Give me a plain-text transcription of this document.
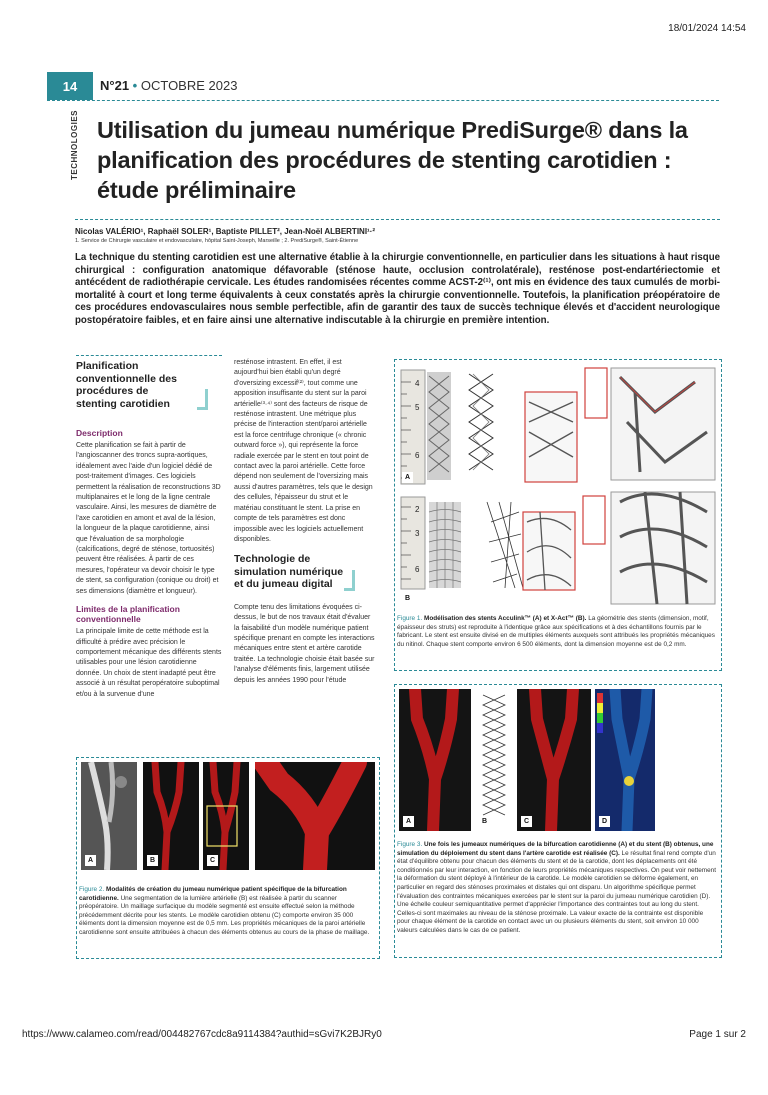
18/01/2024 14:54
https://www.calameo.com/read/004482767cdc8a9114384?authid=sGvi7K2BJRy0	Page 1 sur 2
14	N°21 • OCTOBRE 2023
TECHNOLOGIES Utilisation du jumeau numérique PrediSurge® dans la planification des procédures de stenting carotidien : étude préliminaire
Nicolas VALÉRIO¹, Raphaël SOLER¹, Baptiste PILLET², Jean-Noël ALBERTINI¹·²
1. Service de Chirurgie vasculaire et endovasculaire, hôpital Saint-Joseph, Marseille ; 2. PrediSurge®, Saint-Étienne
La technique du stenting carotidien est une alternative établie à la chirurgie conventionnelle, en particulier dans les situations à haut risque chirurgical : configuration anatomique défavorable (sténose haute, occlusion controlatérale), resténose post-endartériectomie et antécédent de radiothérapie cervicale. Les études randomisées récentes comme ACST-2⁽¹⁾, ont mis en évidence des taux cumulés de morbi-mortalité à court et long terme équivalents à ceux constatés après la chirurgie conventionnelle. Toutefois, la planification préopératoire de ces procédures endovasculaires nous semble perfectible, afin de garantir des taux de succès technique élevés et d'accident neurologique postopératoire faibles, et en faire ainsi une alternative indiscutable à la chirurgie en première intention.
Planification conventionnelle des procédures de stenting carotidien
Description
Cette planification se fait à partir de l'angioscanner des troncs supra-aortiques, idéalement avec l'aide d'un logiciel dédié de post-traitement d'images. Ces logiciels permettent la réalisation de reconstructions 3D multiplanaires et le long de la ligne centrale vasculaire. Ainsi, les mesures de diamètre de l'axe carotidien en amont et aval de la lésion, la longueur de la plaque carotidienne, ainsi que l'évaluation de sa morphologie (calcifications, degré de sténose, tortuosités) peuvent être réalisées. À partir de ces mesures, l'opérateur va devoir choisir le type de stent, sa configuration (conique ou droit) et ses dimensions (diamètre et longueur).
Limites de la planification conventionnelle
La principale limite de cette méthode est la difficulté à prédire avec précision le comportement mécanique des différents stents utilisables pour une lésion carotidienne donnée. Un choix de stent inadapté peut être associé à un résultat peropératoire suboptimal et/ou à la survenue d'une
resténose intrastent. En effet, il est aujourd'hui bien établi qu'un degré d'oversizing excessif⁽²⁾, tout comme une apposition insuffisante du stent sur la paroi artérielle⁽³·⁴⁾ sont des facteurs de risque de resténose intrastent. Une métrique plus précise de l'interaction stent/paroi artérielle est la force centrifuge chronique (« chronic outward force »), qui représente la force radiale exercée par le stent en tout point de contact avec la paroi artérielle. Cette force dépend non seulement de l'oversizing mais aussi d'autres paramètres, tels que le design des cellules, l'épaisseur du strut et le matériau constituant le stent. La prise en compte de tels paramètres est donc impossible avec les logiciels actuellement disponibles.
Technologie de simulation numérique et du jumeau digital
Compte tenu des limitations évoquées ci-dessus, le but de nos travaux était d'évaluer la faisabilité d'un modèle numérique patient spécifique prenant en compte les interactions mécaniques entre stent et artère carotide traitée. La technologie choisie était basée sur l'analyse d'éléments finis, largement utilisée depuis les années 1990 pour l'étude
4
5
6
2
3
6
A
B
Figure 1. Modélisation des stents Acculink™ (A) et X-Act™ (B). La géométrie des stents (dimension, motif, épaisseur des struts) est reproduite à l'identique grâce aux spécifications et à des échantillons fournis par le fabricant. Le stent est ensuite divisé en de multiples éléments auxquels sont attribués les propriétés mécaniques du nitinol. Chaque stent comporte environ 6 500 éléments, dont la dimension moyenne est de 0,2 mm.
A	B	C
Figure 2. Modalités de création du jumeau numérique patient spécifique de la bifurcation carotidienne. Une segmentation de la lumière artérielle (B) est réalisée à partir du scanner préopératoire. Un maillage surfacique du modèle segmenté est ensuite effectué selon la méthode précédemment décrite pour les stents. Le modèle carotidien obtenu (C) comporte environ 35 000 éléments dont la dimension moyenne est de 0,5 mm. Les propriétés mécaniques de la paroi artérielle carotidienne sont ensuite attribuées à chacun des éléments obtenus au cours de la phase de maillage.
A	B	C	D
Figure 3. Une fois les jumeaux numériques de la bifurcation carotidienne (A) et du stent (B) obtenus, une simulation du déploiement du stent dans l'artère carotide est réalisée (C). Le résultat final rend compte d'un état d'équilibre obtenu pour chacun des éléments du stent et de la carotide, dont les déplacements ont été conditionnés par leur interaction, en fonction de leurs propriétés mécaniques respectives. On peut voir nettement la déformation du stent déployé à l'intérieur de la carotide. Le modèle carotidien se déforme également, en particulier en regard des sténoses proximales et distales qui ont disparu. Un algorithme spécifique permet l'évaluation des contraintes mécaniques exercées par le stent sur la paroi du jumeau numérique carotidien (D). Une échelle couleur semiquantitative permet d'apprécier l'importance des contraintes tout au long du stent. Celles-ci sont maximales au niveau de la sténose proximale. La valeur exacte de la contrainte est disponible pour chaque élément de la carotide en contact avec un ou plusieurs éléments du stent, soit environ 10 000 valeurs calculées dans le cas de ce patient.
